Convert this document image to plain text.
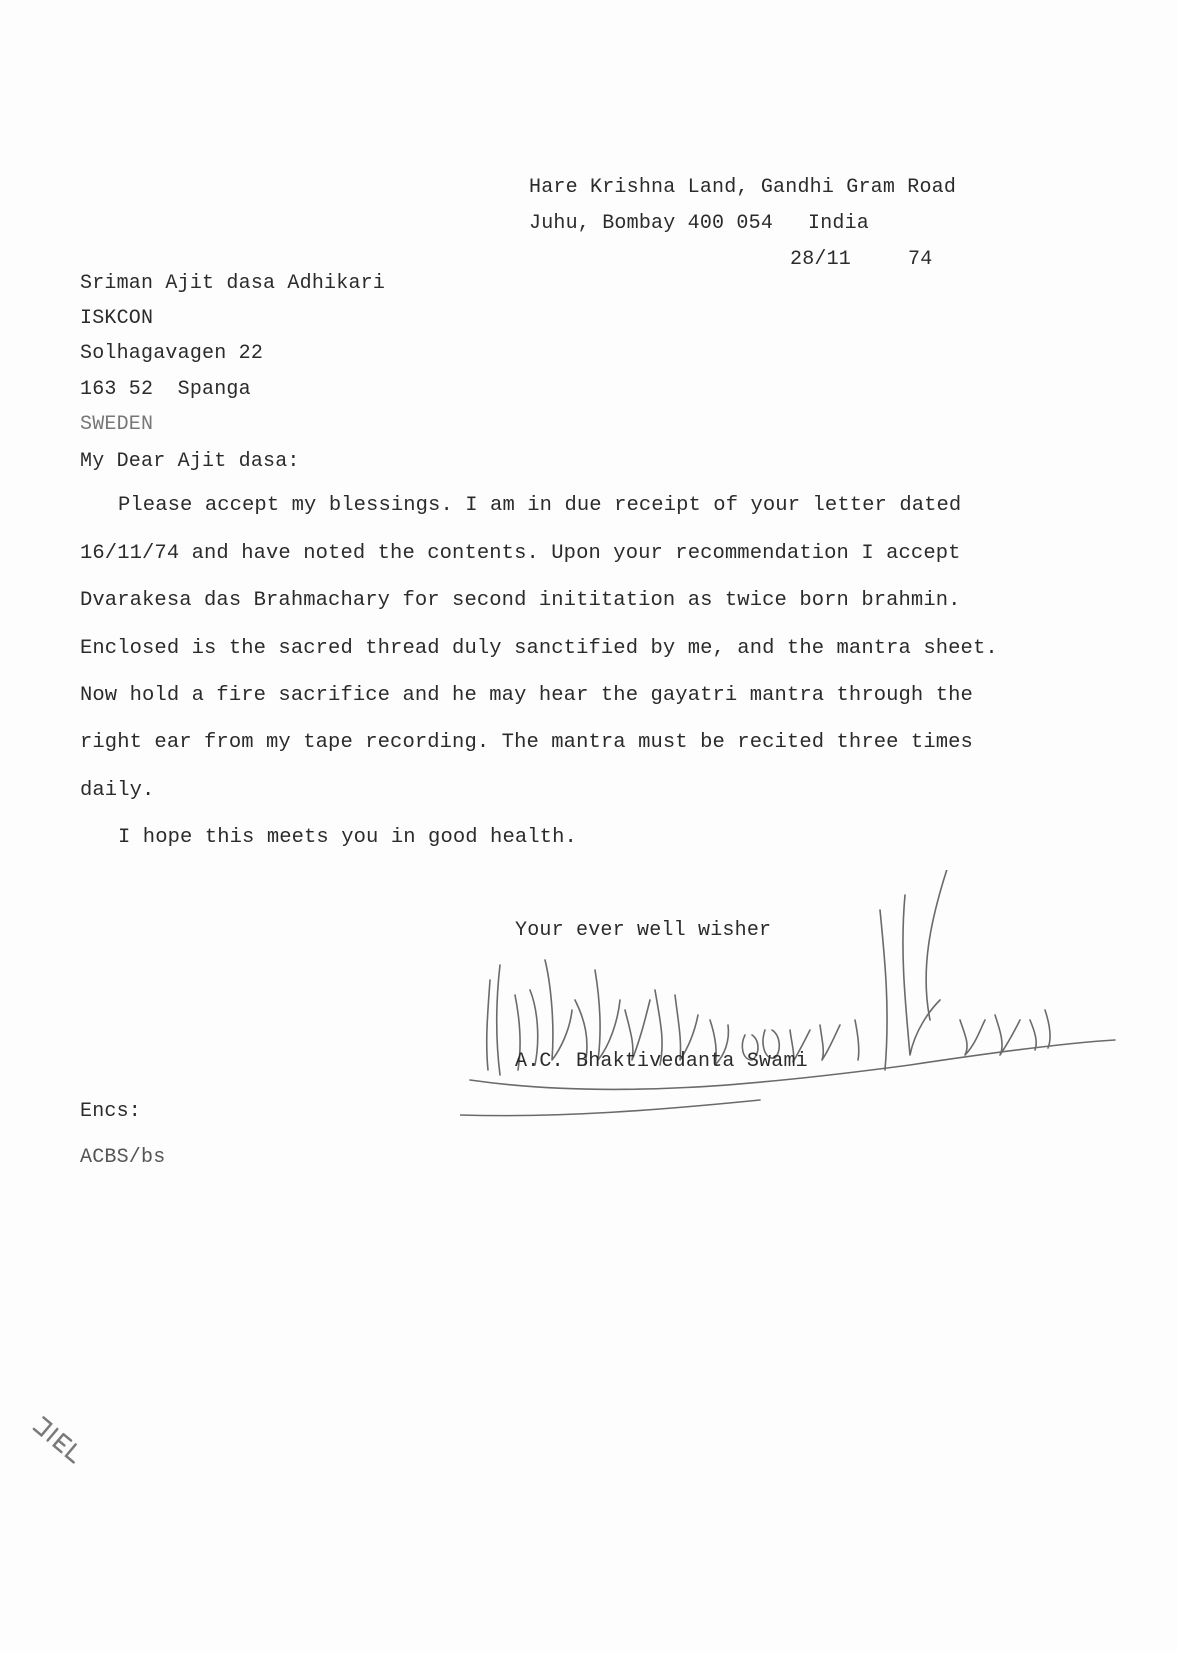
Hare Krishna Land, Gandhi Gram Road
Juhu, Bombay 400 054 India
28/11	74
Sriman Ajit dasa Adhikari
ISKCON
Solhagavagen 22
163 52  Spanga
SWEDEN
My Dear Ajit dasa:
Please accept my blessings. I am in due receipt of your letter dated
16/11/74 and have noted the contents. Upon your recommendation I accept
Dvarakesa das Brahmachary for second inititation as twice born brahmin.
Enclosed is the sacred thread duly sanctified by me, and the mantra sheet.
Now hold a fire sacrifice and he may hear the gayatri mantra through the
right ear from my tape recording. The mantra must be recited three times
daily.
I hope this meets you in good health.
Your ever well wisher
A.C. Bhaktivedanta Swami
Encs:
ACBS/bs
